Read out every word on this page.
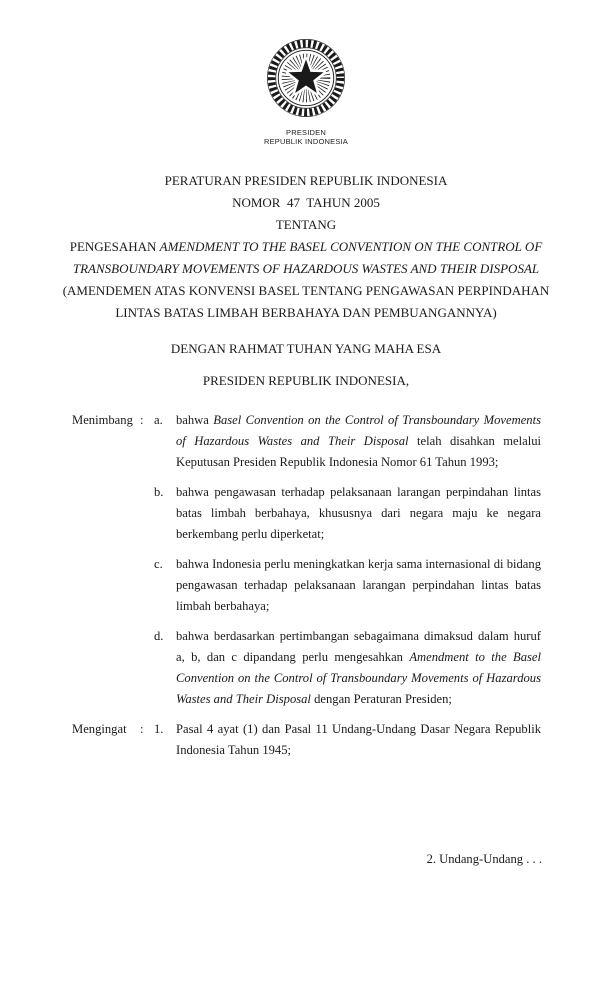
PRESIDEN
REPUBLIK INDONESIA
PERATURAN PRESIDEN REPUBLIK INDONESIA
NOMOR  47  TAHUN 2005
TENTANG
PENGESAHAN AMENDMENT TO THE BASEL CONVENTION ON THE CONTROL OF TRANSBOUNDARY MOVEMENTS OF HAZARDOUS WASTES AND THEIR DISPOSAL (AMENDEMEN ATAS KONVENSI BASEL TENTANG PENGAWASAN PERPINDAHAN LINTAS BATAS LIMBAH BERBAHAYA DAN PEMBUANGANNYA)
DENGAN RAHMAT TUHAN YANG MAHA ESA
PRESIDEN REPUBLIK INDONESIA,
Menimbang : a.	bahwa Basel Convention on the Control of Transboundary Movements of Hazardous Wastes and Their Disposal telah disahkan melalui Keputusan Presiden Republik Indonesia Nomor 61 Tahun 1993;
b. bahwa pengawasan terhadap pelaksanaan larangan perpindahan lintas batas limbah berbahaya, khususnya dari negara maju ke negara berkembang perlu diperketat;
c.	bahwa Indonesia perlu meningkatkan kerja sama internasional di bidang pengawasan terhadap pelaksanaan larangan perpindahan lintas batas limbah berbahaya;
d. bahwa berdasarkan pertimbangan sebagaimana dimaksud dalam huruf a, b, dan c dipandang perlu mengesahkan Amendment to the Basel Convention on the Control of Transboundary Movements of Hazardous Wastes and Their Disposal dengan Peraturan Presiden;
Mengingat	: 1. Pasal 4 ayat (1) dan Pasal 11 Undang-Undang Dasar Negara Republik Indonesia Tahun 1945;
2. Undang-Undang . . .
